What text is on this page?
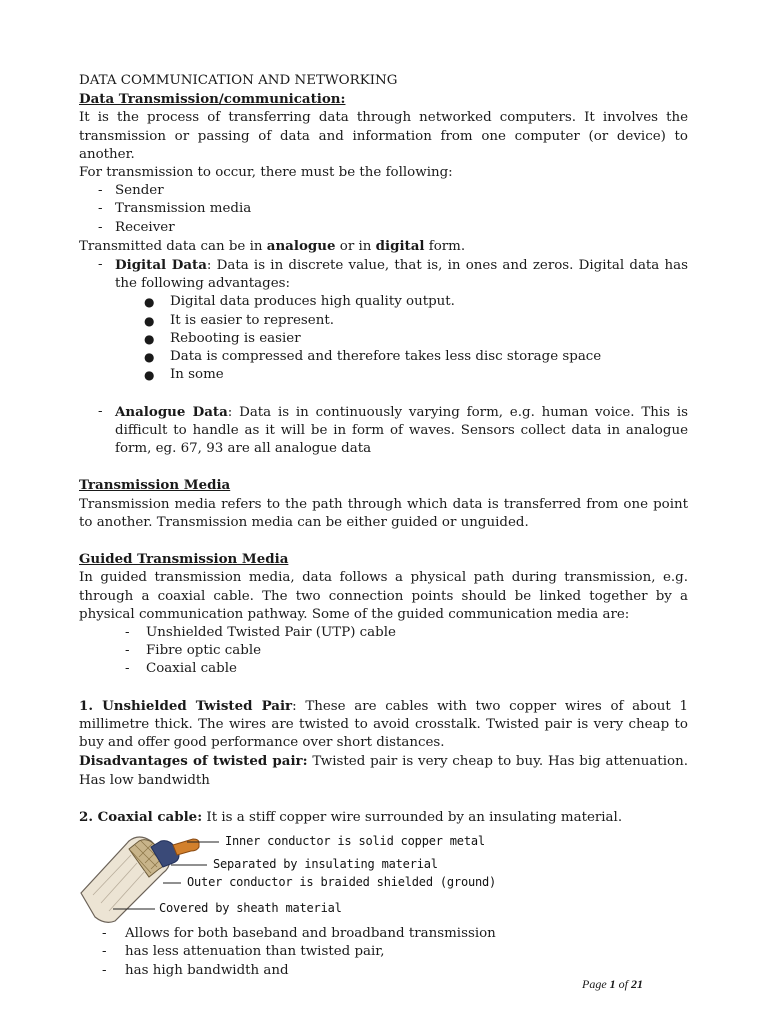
DATA COMMUNICATION AND NETWORKING
Data Transmission/communication:
It is the process of transferring data through networked computers. It involves the transmission or passing of data and information from one computer (or device) to another.
For transmission to occur, there must be the following:
- Sender
- Transmission media
- Receiver
Transmitted data can be in analogue or in digital form.
- Digital Data: Data is in discrete value, that is, in ones and zeros. Digital data has the following advantages:
● Digital data produces high quality output.
● It is easier to represent.
● Rebooting is easier
● Data is compressed and therefore takes less disc storage space
● In some
- Analogue Data: Data is in continuously varying form, e.g. human voice. This is difficult to handle as it will be in form of waves. Sensors collect data in analogue form, eg. 67, 93 are all analogue data
Transmission Media
Transmission media refers to the path through which data is transferred from one point to another. Transmission media can be either guided or unguided.
Guided Transmission Media
In guided transmission media, data follows a physical path during transmission, e.g. through a coaxial cable. The two connection points should be linked together by a physical communication pathway. Some of the guided communication media are:
- Unshielded Twisted Pair (UTP) cable
- Fibre optic cable
- Coaxial cable
1. Unshielded Twisted Pair: These are cables with two copper wires of about 1 millimetre thick. The wires are twisted to avoid crosstalk. Twisted pair is very cheap to buy and offer good performance over short distances.
Disadvantages of twisted pair: Twisted pair is very cheap to buy. Has big attenuation. Has low bandwidth
2. Coaxial cable: It is a stiff copper wire surrounded by an insulating material.
Inner conductor is solid copper metal
Separated by insulating material
Outer conductor is braided shielded (ground)
Covered by sheath material
- Allows for both baseband and broadband transmission
- has less attenuation than twisted pair,
- has high bandwidth and
Page 1 of 21
